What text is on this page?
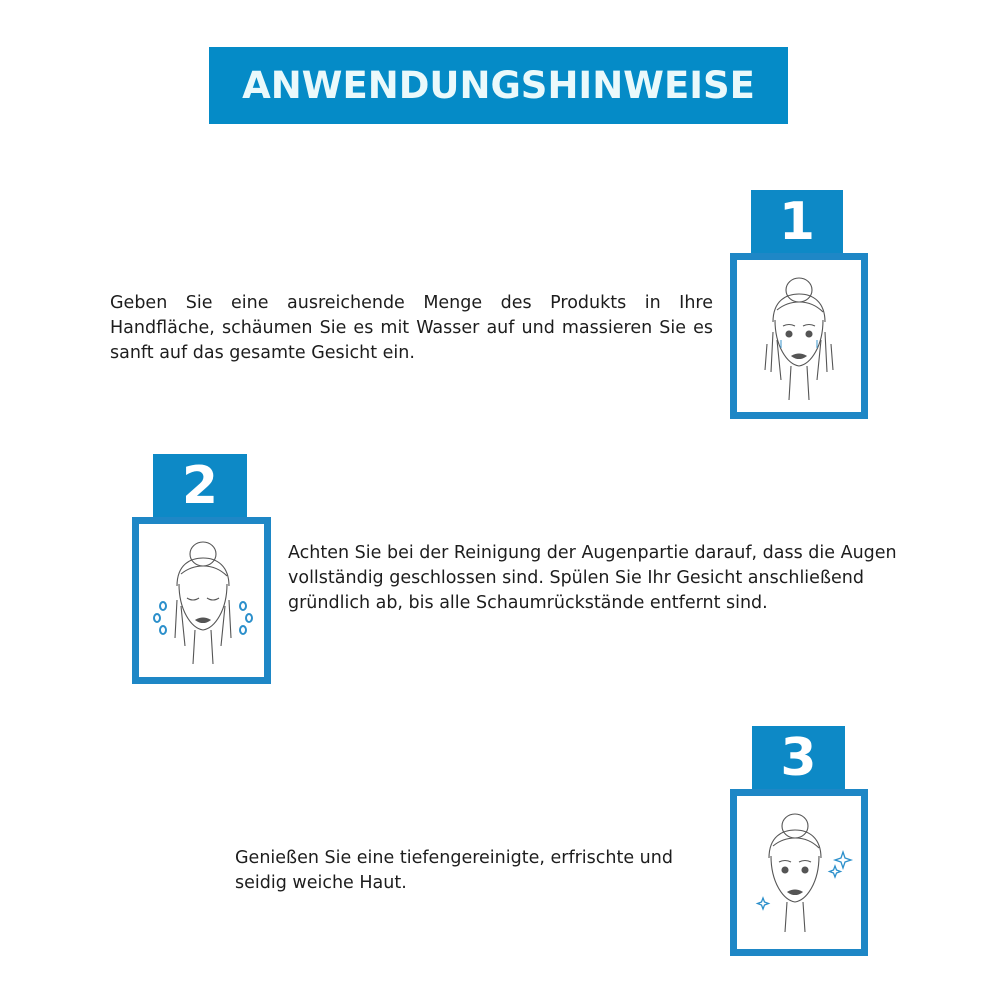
ANWENDUNGSHINWEISE
1
Geben Sie eine ausreichende Menge des Produkts in Ihre Handfläche, schäumen Sie es mit Wasser auf und massieren Sie es sanft auf das gesamte Gesicht ein.
2
Achten Sie bei der Reinigung der Augenpartie darauf, dass die Augen vollständig geschlossen sind. Spülen Sie Ihr Gesicht anschließend gründlich ab, bis alle Schaumrückstände entfernt sind.
3
Genießen Sie eine tiefengereinigte, erfrischte und seidig weiche Haut.
